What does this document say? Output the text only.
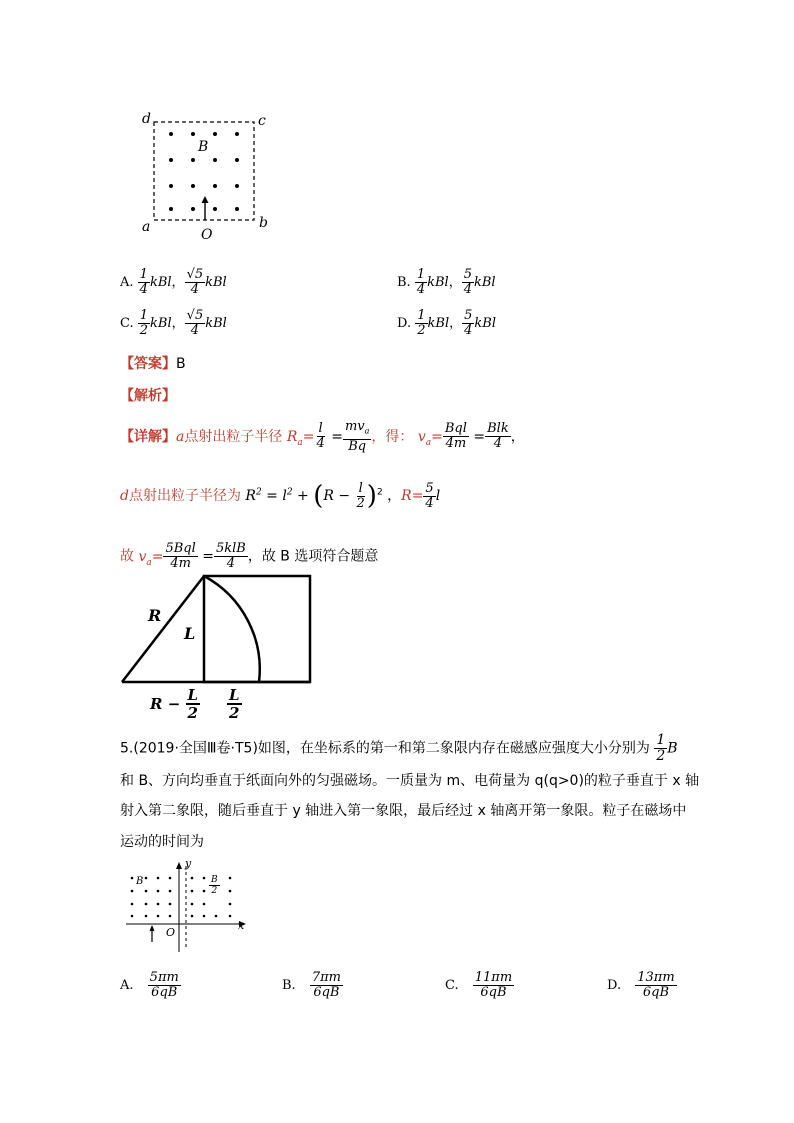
d	c
a	b
B
O
A. $\frac{1}{4}$ kBl， $\frac{√5}{4}$ kBl	B. $\frac{1}{4}$ kBl， $\frac{5}{4}$ kBl
C. $\frac{1}{2}$ kBl， $\frac{√5}{4}$ kBl	D. $\frac{1}{2}$ kBl， $\frac{5}{4}$ kBl
【答案】B
【解析】
【详解】a点射出粒子半径 $R_a= \frac{l}{4} = \frac{mv_a}{Bq}$ ，得： $v_a= \frac{\text{Bql}}{4m} = \frac{\text{Blk}}{4}$ ，
d点射出粒子半径为 $R^2 = l^2 + (R - \frac{l}{2} )^2$ ，$R= \frac{5}{4}$ l
故 $v_a= \frac{\text{5Bql}}{4m} = \frac{\text{5klB}}{4}$ ，故 B 选项符合题意
R
L
$R - \frac{L}{2} \frac{L}{2}$
5.(2019·全国Ⅲ卷·T5)如图，在坐标系的第一和第二象限内存在磁感应强度大小分别为 $\frac{1}{2}$ B
和 B、方向均垂直于纸面向外的匀强磁场。一质量为 m、电荷量为 q(q>0)的粒子垂直于 x 轴
射入第二象限，随后垂直于 y 轴进入第一象限，最后经过 x 轴离开第一象限。粒子在磁场中
运动的时间为
y
x
O
B	$\frac{B}{2}$
A. $\frac{5\pi m}{6qB}$	B. $\frac{7\pi m}{6qB}$	C. $\frac{11\pi m}{6qB}$	D. $\frac{13\pi m}{6qB}$
